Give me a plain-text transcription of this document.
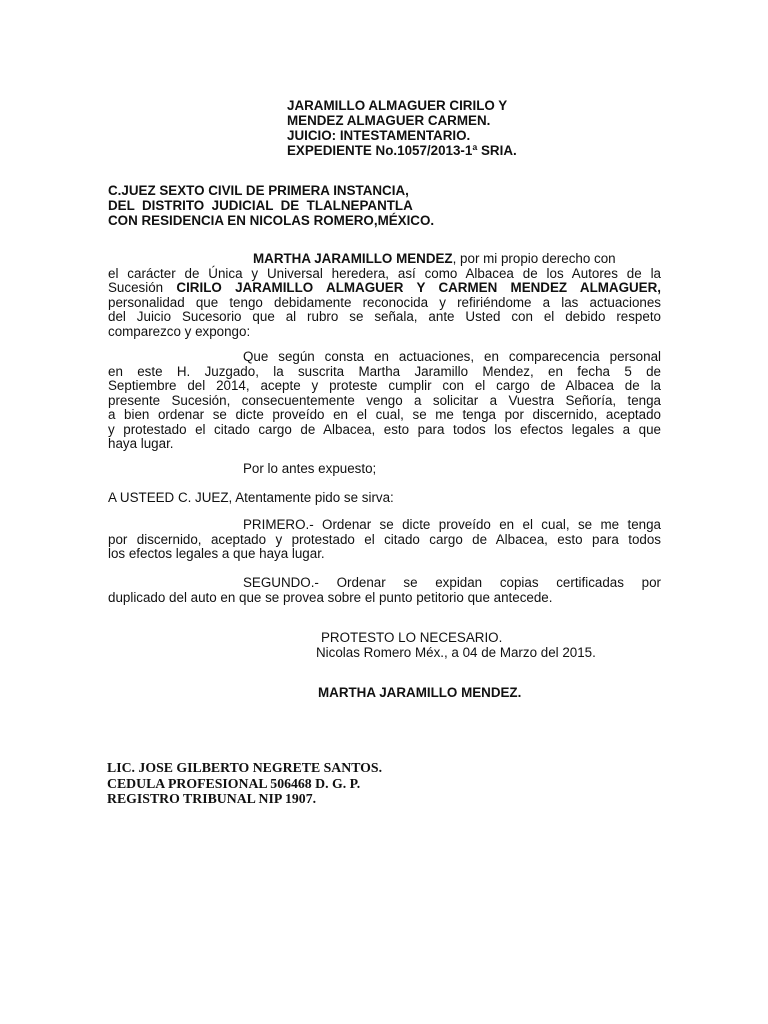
JARAMILLO ALMAGUER CIRILO Y
MENDEZ ALMAGUER CARMEN.
JUICIO: INTESTAMENTARIO.
EXPEDIENTE No.1057/2013-1ª SRIA.
C.JUEZ SEXTO CIVIL DE PRIMERA INSTANCIA,
DEL  DISTRITO  JUDICIAL  DE  TLALNEPANTLA
CON RESIDENCIA EN NICOLAS ROMERO,MÉXICO.
MARTHA JARAMILLO MENDEZ, por mi propio derecho con
el carácter de Única y Universal heredera, así como Albacea de los Autores de la
Sucesión CIRILO JARAMILLO ALMAGUER Y CARMEN MENDEZ ALMAGUER,
personalidad que tengo debidamente reconocida y refiriéndome a las actuaciones
del Juicio Sucesorio que al rubro se señala, ante Usted con el debido respeto
comparezco y expongo:
Que según consta en actuaciones, en comparecencia personal
en este H. Juzgado, la suscrita Martha Jaramillo Mendez, en fecha 5 de
Septiembre del 2014, acepte y proteste cumplir con el cargo de Albacea de la
presente Sucesión, consecuentemente vengo a solicitar a Vuestra Señoría, tenga
a bien ordenar se dicte proveído en el cual, se me tenga por discernido, aceptado
y protestado el citado cargo de Albacea, esto para todos los efectos legales a que
haya lugar.
Por lo antes expuesto;
A USTEED C. JUEZ, Atentamente pido se sirva:
PRIMERO.- Ordenar se dicte proveído en el cual, se me tenga
por discernido, aceptado y protestado el citado cargo de Albacea, esto para todos
los efectos legales a que haya lugar.
SEGUNDO.- Ordenar se expidan copias certificadas por
duplicado del auto en que se provea sobre el punto petitorio que antecede.
PROTESTO LO NECESARIO.
Nicolas Romero Méx., a 04 de Marzo del 2015.
MARTHA JARAMILLO MENDEZ.
LIC. JOSE GILBERTO NEGRETE SANTOS.
CEDULA PROFESIONAL 506468 D. G. P.
REGISTRO TRIBUNAL NIP 1907.
